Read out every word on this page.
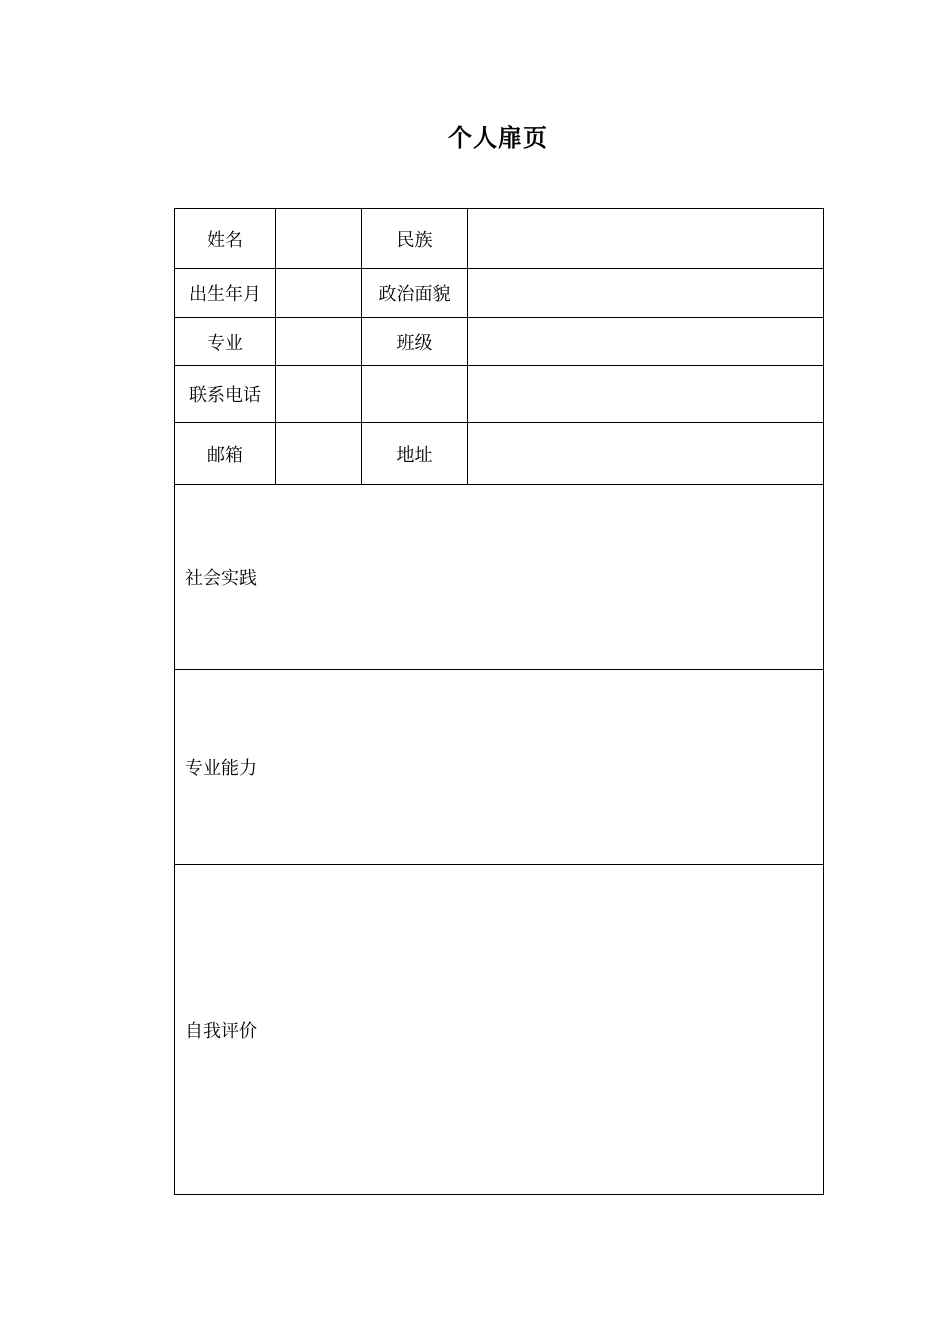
个人扉页
姓名		民族	
出生年月		政治面貌	
专业		班级	
联系电话			
邮箱		地址	
社会实践			
专业能力			
自我评价			
